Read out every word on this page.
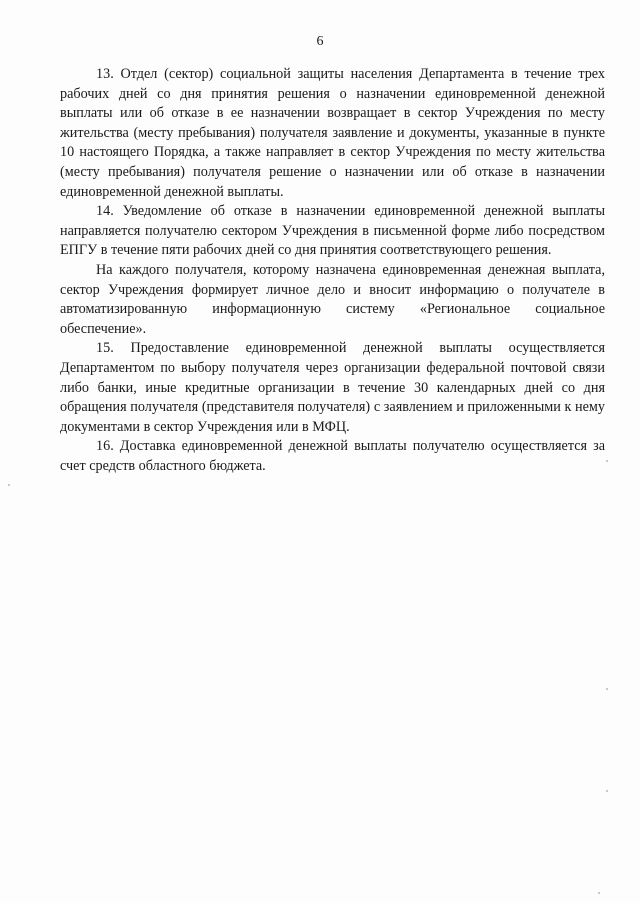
6

13. Отдел (сектор) социальной защиты населения Департамента в течение трех рабочих дней со дня принятия решения о назначении единовременной денежной выплаты или об отказе в ее назначении возвращает в сектор Учреждения по месту жительства (месту пребывания) получателя заявление и документы, указанные в пункте 10 настоящего Порядка, а также направляет в сектор Учреждения по месту жительства (месту пребывания) получателя решение о назначении или об отказе в назначении единовременной денежной выплаты.

14. Уведомление об отказе в назначении единовременной денежной выплаты направляется получателю сектором Учреждения в письменной форме либо посредством ЕПГУ в течение пяти рабочих дней со дня принятия соответствующего решения.

На каждого получателя, которому назначена единовременная денежная выплата, сектор Учреждения формирует личное дело и вносит информацию о получателе в автоматизированную информационную систему «Региональное социальное обеспечение».

15. Предоставление единовременной денежной выплаты осуществляется Департаментом по выбору получателя через организации федеральной почтовой связи либо банки, иные кредитные организации в течение 30 календарных дней со дня обращения получателя (представителя получателя) с заявлением и приложенными к нему документами в сектор Учреждения или в МФЦ.

16. Доставка единовременной денежной выплаты получателю осуществляется за счет средств областного бюджета.
